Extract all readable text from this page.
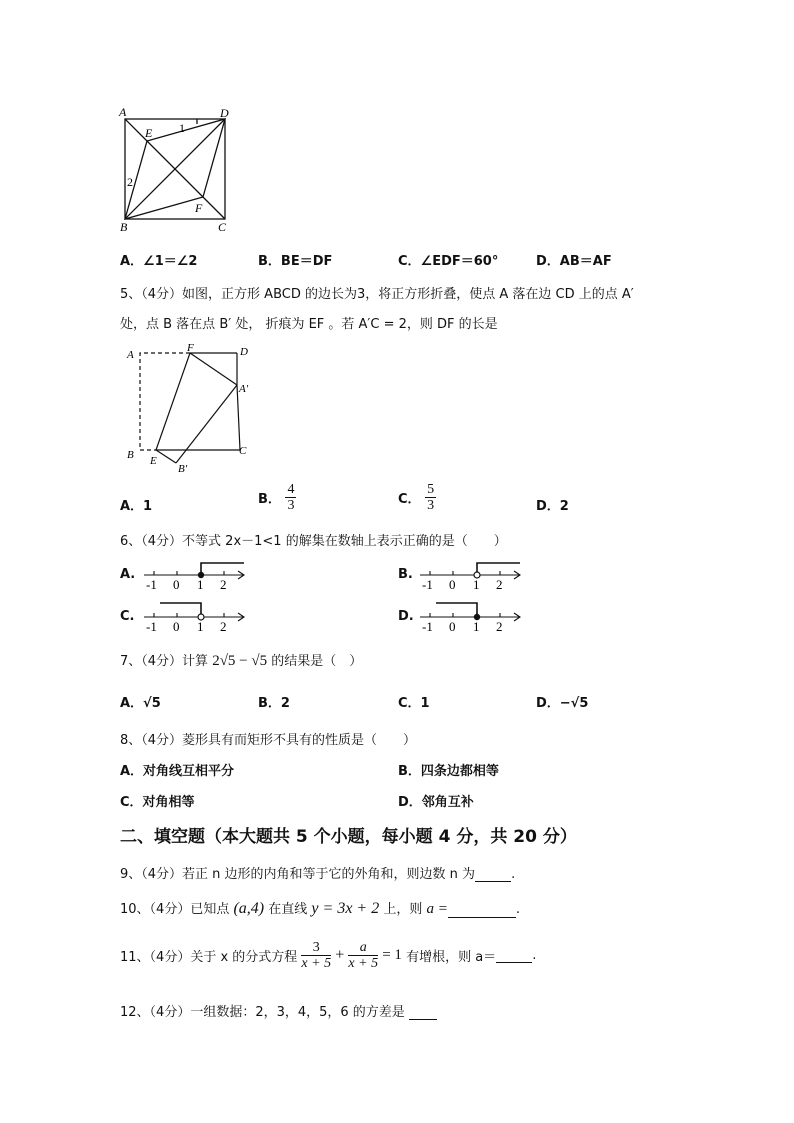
A	D
E 1
2
B
F
C
A．∠1＝∠2	B．BE＝DF	C．∠EDF＝60°	D．AB＝AF
5、（4分）如图，正方形 ABCD 的边长为3，将正方形折叠，使点 A 落在边 CD 上的点 A′
处，点 B 落在点 B′ 处， 折痕为 EF 。若 A′C = 2，则 DF 的长是
A
F	D
A′
B E
B′
C
A．1	B． $\frac{4}{3}$	C． $\frac{5}{3}$	D．2
6、（4分）不等式 2x－1<1 的解集在数轴上表示正确的是（　　）
A.
-1 0 1 2
B.
-1 0 1 2
C.
-1 0 1 2
D.
-1 0 1 2
7、（4分）计算 2√5 − √5 的结果是（　）
A．√5	B．2	C．1	D．−√5
8、（4分）菱形具有而矩形不具有的性质是（　　）
A．对角线互相平分	B．四条边都相等
C．对角相等	D．邻角互补
二、填空题（本大题共 5 个小题，每小题 4 分，共 20 分）
9、（4分）若正 n 边形的内角和等于它的外角和，则边数 n 为	.
10、（4分）已知点 (a,4) 在直线 y = 3x + 2 上，则 a =	.
11、（4分）关于 x 的分式方程 $\frac{3}{x + 5} + \frac{a}{x + 5} = 1$ 有增根，则 a＝	.
12、（4分）一组数据：2，3，4，5，6 的方差是
